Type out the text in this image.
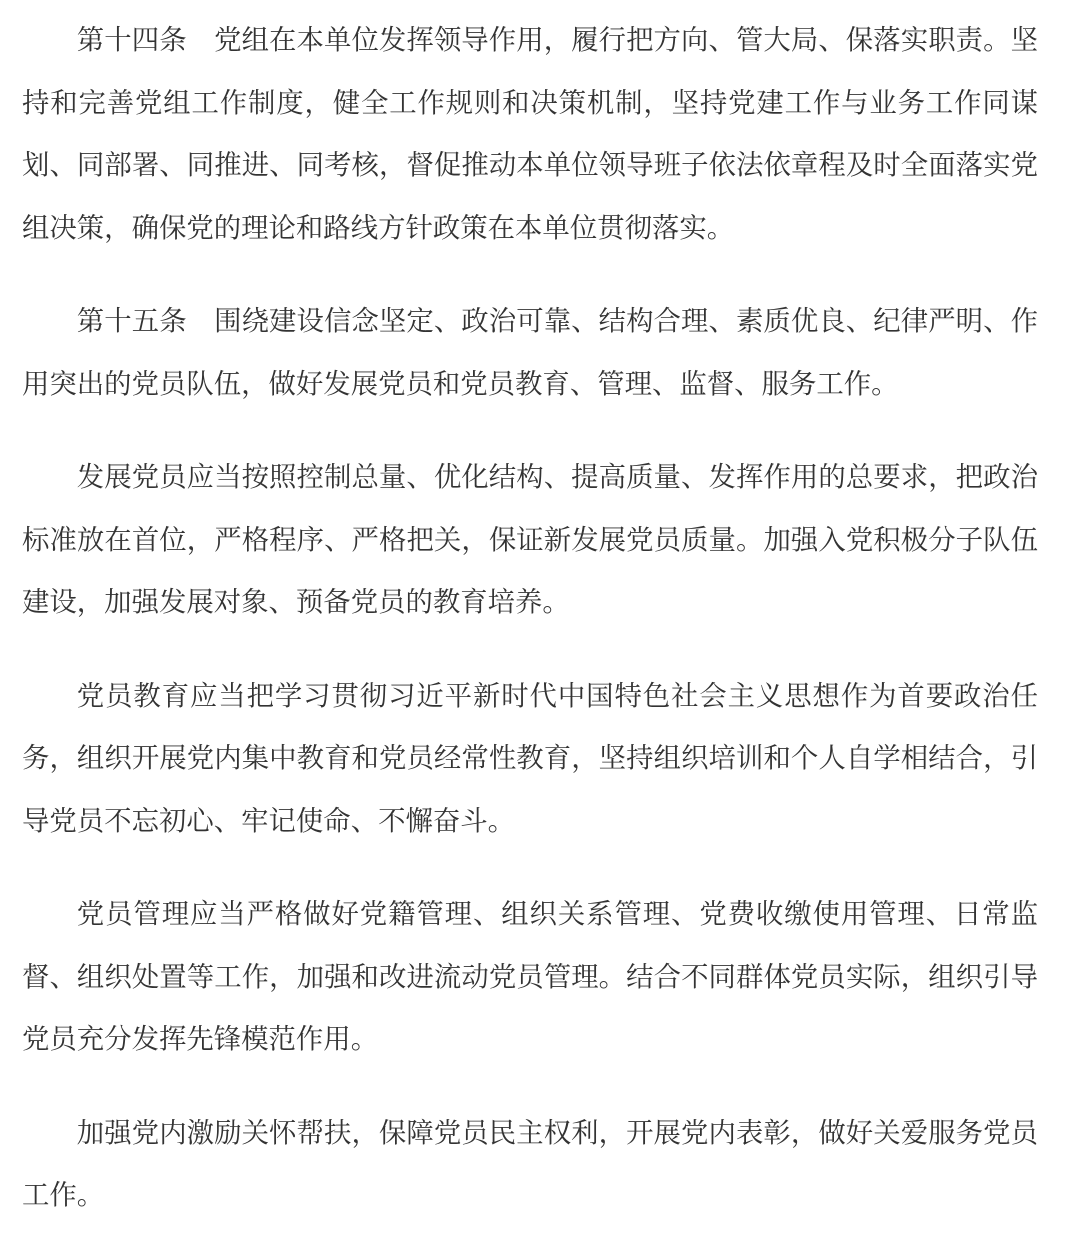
第十四条　党组在本单位发挥领导作用，履行把方向、管大局、保落实职责。坚持和完善党组工作制度，健全工作规则和决策机制，坚持党建工作与业务工作同谋划、同部署、同推进、同考核，督促推动本单位领导班子依法依章程及时全面落实党组决策，确保党的理论和路线方针政策在本单位贯彻落实。

第十五条　围绕建设信念坚定、政治可靠、结构合理、素质优良、纪律严明、作用突出的党员队伍，做好发展党员和党员教育、管理、监督、服务工作。

发展党员应当按照控制总量、优化结构、提高质量、发挥作用的总要求，把政治标准放在首位，严格程序、严格把关，保证新发展党员质量。加强入党积极分子队伍建设，加强发展对象、预备党员的教育培养。

党员教育应当把学习贯彻习近平新时代中国特色社会主义思想作为首要政治任务，组织开展党内集中教育和党员经常性教育，坚持组织培训和个人自学相结合，引导党员不忘初心、牢记使命、不懈奋斗。

党员管理应当严格做好党籍管理、组织关系管理、党费收缴使用管理、日常监督、组织处置等工作，加强和改进流动党员管理。结合不同群体党员实际，组织引导党员充分发挥先锋模范作用。

加强党内激励关怀帮扶，保障党员民主权利，开展党内表彰，做好关爱服务党员工作。
